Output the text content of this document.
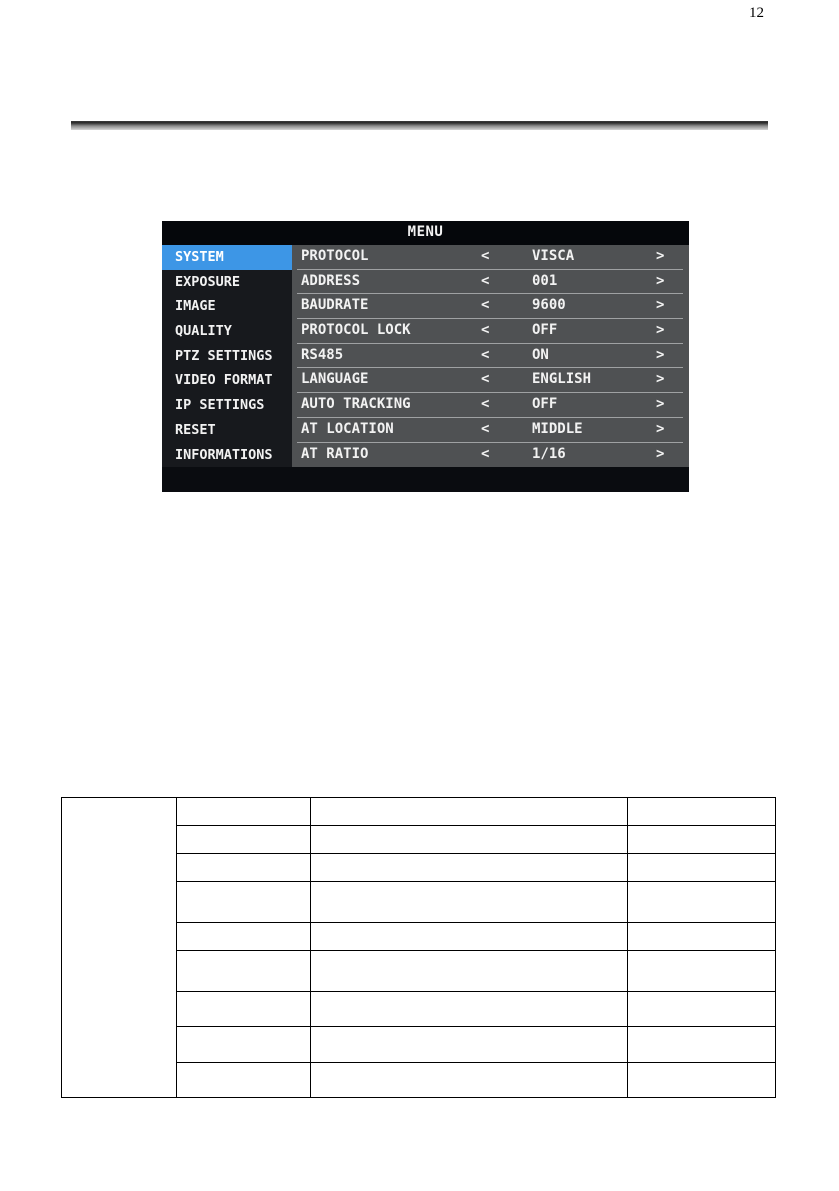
12
MENU
SYSTEM
EXPOSURE
IMAGE
QUALITY
PTZ SETTINGS
VIDEO FORMAT
IP SETTINGS
RESET
INFORMATIONS
PROTOCOL	<	VISCA	>
ADDRESS	<	001	>
BAUDRATE	<	9600	>
PROTOCOL LOCK	<	OFF	>
RS485	<	ON	>
LANGUAGE	<	ENGLISH	>
AUTO TRACKING	<	OFF	>
AT LOCATION	<	MIDDLE	>
AT RATIO	<	1/16	>
